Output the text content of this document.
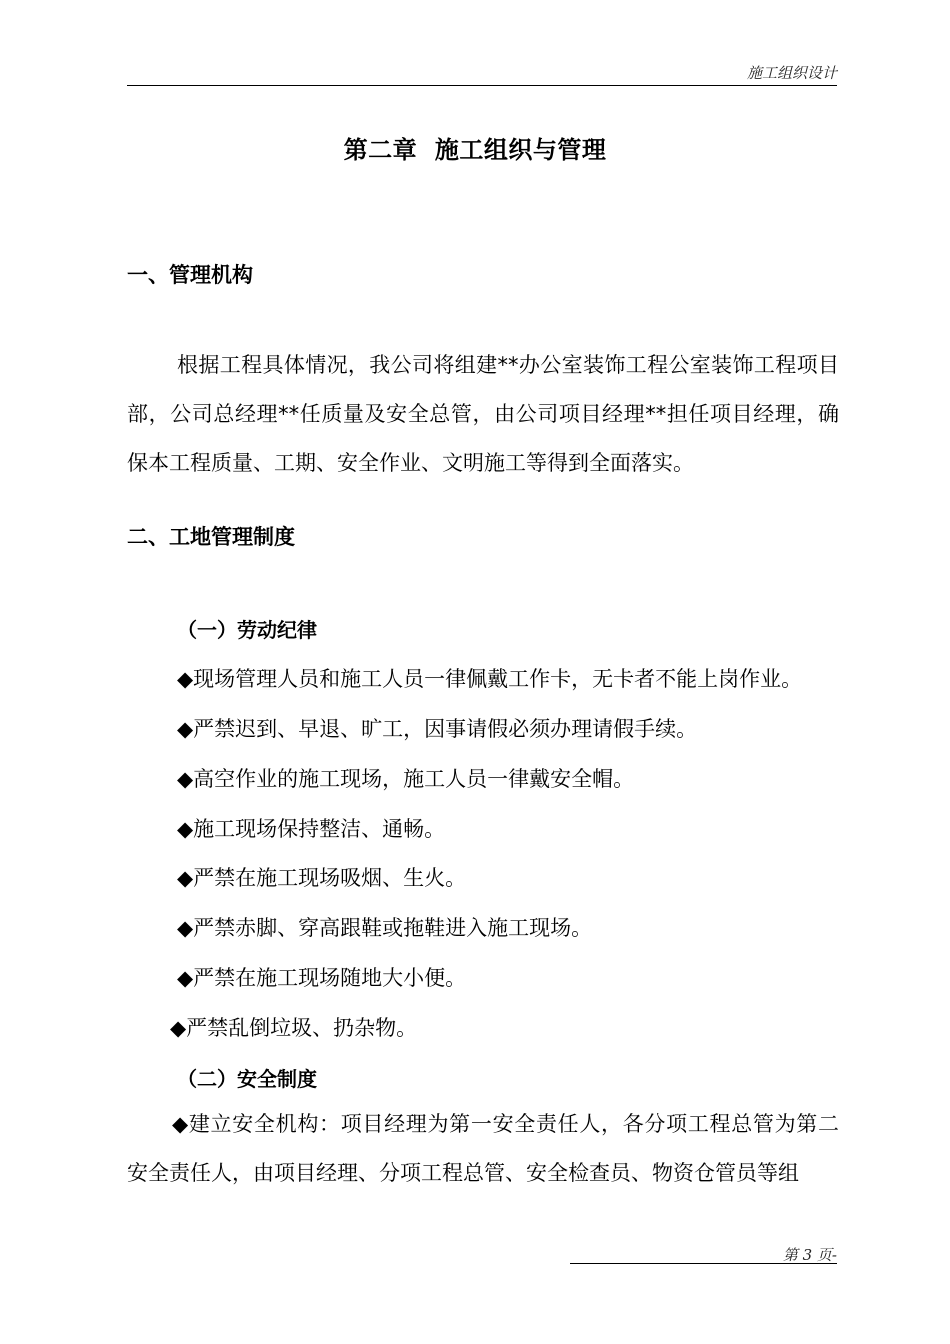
施工组织设计
第二章  施工组织与管理
一、管理机构
根据工程具体情况，我公司将组建**办公室装饰工程公室装饰工程项目部，公司总经理**任质量及安全总管，由公司项目经理**担任项目经理，确保本工程质量、工期、安全作业、文明施工等得到全面落实。
二、工地管理制度
（一）劳动纪律
◆现场管理人员和施工人员一律佩戴工作卡，无卡者不能上岗作业。
◆严禁迟到、早退、旷工，因事请假必须办理请假手续。
◆高空作业的施工现场，施工人员一律戴安全帽。
◆施工现场保持整洁、通畅。
◆严禁在施工现场吸烟、生火。
◆严禁赤脚、穿高跟鞋或拖鞋进入施工现场。
◆严禁在施工现场随地大小便。
◆严禁乱倒垃圾、扔杂物。
（二）安全制度
◆建立安全机构：项目经理为第一安全责任人，各分项工程总管为第二安全责任人，由项目经理、分项工程总管、安全检查员、物资仓管员等组
第 3 页-
